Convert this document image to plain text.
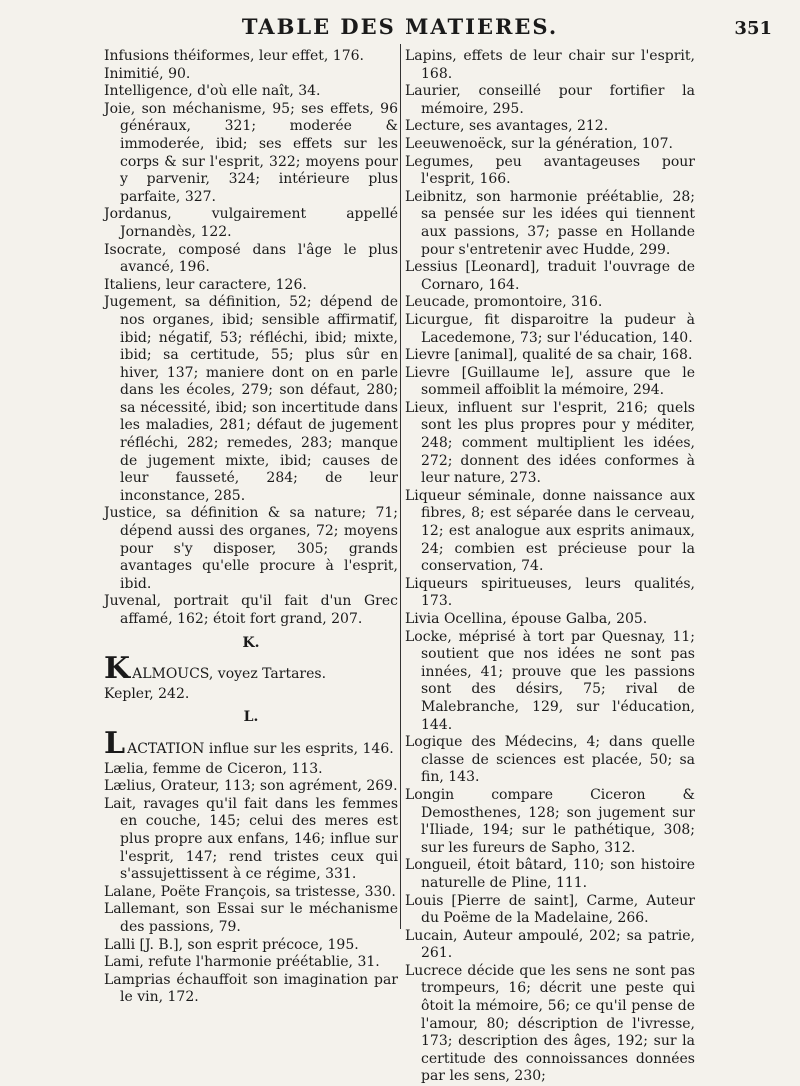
TABLE DES MATIERES.	351

Infusions théiformes, leur effet, 176.

Inimitié, 90.

Intelligence, d'où elle naît, 34.

Joie, son méchanisme, 95; ses effets, 96 généraux, 321; moderée & immoderée, ibid; ses effets sur les corps & sur l'esprit, 322; moyens pour y parvenir, 324; intérieure plus parfaite, 327.

Jordanus, vulgairement appellé Jornandès, 122.

Isocrate, composé dans l'âge le plus avancé, 196.

Italiens, leur caractere, 126.

Jugement, sa définition, 52; dépend de nos organes, ibid; sensible affirmatif, ibid; négatif, 53; réfléchi, ibid; mixte, ibid; sa certitude, 55; plus sûr en hiver, 137; maniere dont on en parle dans les écoles, 279; son défaut, 280; sa nécessité, ibid; son incertitude dans les maladies, 281; défaut de jugement réfléchi, 282; remedes, 283; manque de jugement mixte, ibid; causes de leur fausseté, 284; de leur inconstance, 285.

Justice, sa définition & sa nature; 71; dépend aussi des organes, 72; moyens pour s'y disposer, 305; grands avantages qu'elle procure à l'esprit, ibid.

Juvenal, portrait qu'il fait d'un Grec affamé, 162; étoit fort grand, 207.

K.

KALMOUCS, voyez Tartares.

Kepler, 242.

L.

LACTATION influe sur les esprits, 146.

Lælia, femme de Ciceron, 113.

Lælius, Orateur, 113; son agrément, 269.

Lait, ravages qu'il fait dans les femmes en couche, 145; celui des meres est plus propre aux enfans, 146; influe sur l'esprit, 147; rend tristes ceux qui s'assujettissent à ce régime, 331.

Lalane, Poëte François, sa tristesse, 330.

Lallemant, son Essai sur le méchanisme des passions, 79.

Lalli [J. B.], son esprit précoce, 195.

Lami, refute l'harmonie préétablie, 31.

Lamprias échauffoit son imagination par le vin, 172.

Lapins, effets de leur chair sur l'esprit, 168.

Laurier, conseillé pour fortifier la mémoire, 295.

Lecture, ses avantages, 212.

Leeuwenoëck, sur la génération, 107.

Legumes, peu avantageuses pour l'esprit, 166.

Leibnitz, son harmonie préétablie, 28; sa pensée sur les idées qui tiennent aux passions, 37; passe en Hollande pour s'entretenir avec Hudde, 299.

Lessius [Leonard], traduit l'ouvrage de Cornaro, 164.

Leucade, promontoire, 316.

Licurgue, fit disparoitre la pudeur à Lacedemone, 73; sur l'éducation, 140.

Lievre [animal], qualité de sa chair, 168.

Lievre [Guillaume le], assure que le sommeil affoiblit la mémoire, 294.

Lieux, influent sur l'esprit, 216; quels sont les plus propres pour y méditer, 248; comment multiplient les idées, 272; donnent des idées conformes à leur nature, 273.

Liqueur séminale, donne naissance aux fibres, 8; est séparée dans le cerveau, 12; est analogue aux esprits animaux, 24; combien est précieuse pour la conservation, 74.

Liqueurs spiritueuses, leurs qualités, 173.

Livia Ocellina, épouse Galba, 205.

Locke, méprisé à tort par Quesnay, 11; soutient que nos idées ne sont pas innées, 41; prouve que les passions sont des désirs, 75; rival de Malebranche, 129, sur l'éducation, 144.

Logique des Médecins, 4; dans quelle classe de sciences est placée, 50; sa fin, 143.

Longin compare Ciceron & Demosthenes, 128; son jugement sur l'Iliade, 194; sur le pathétique, 308; sur les fureurs de Sapho, 312.

Longueil, étoit bâtard, 110; son histoire naturelle de Pline, 111.

Louis [Pierre de saint], Carme, Auteur du Poëme de la Madelaine, 266.

Lucain, Auteur ampoulé, 202; sa patrie, 261.

Lucrece décide que les sens ne sont pas trompeurs, 16; décrit une peste qui ôtoit la mémoire, 56; ce qu'il pense de l'amour, 80; déscription de l'ivresse, 173; description des âges, 192; sur la certitude des connoissances données par les sens, 230;
